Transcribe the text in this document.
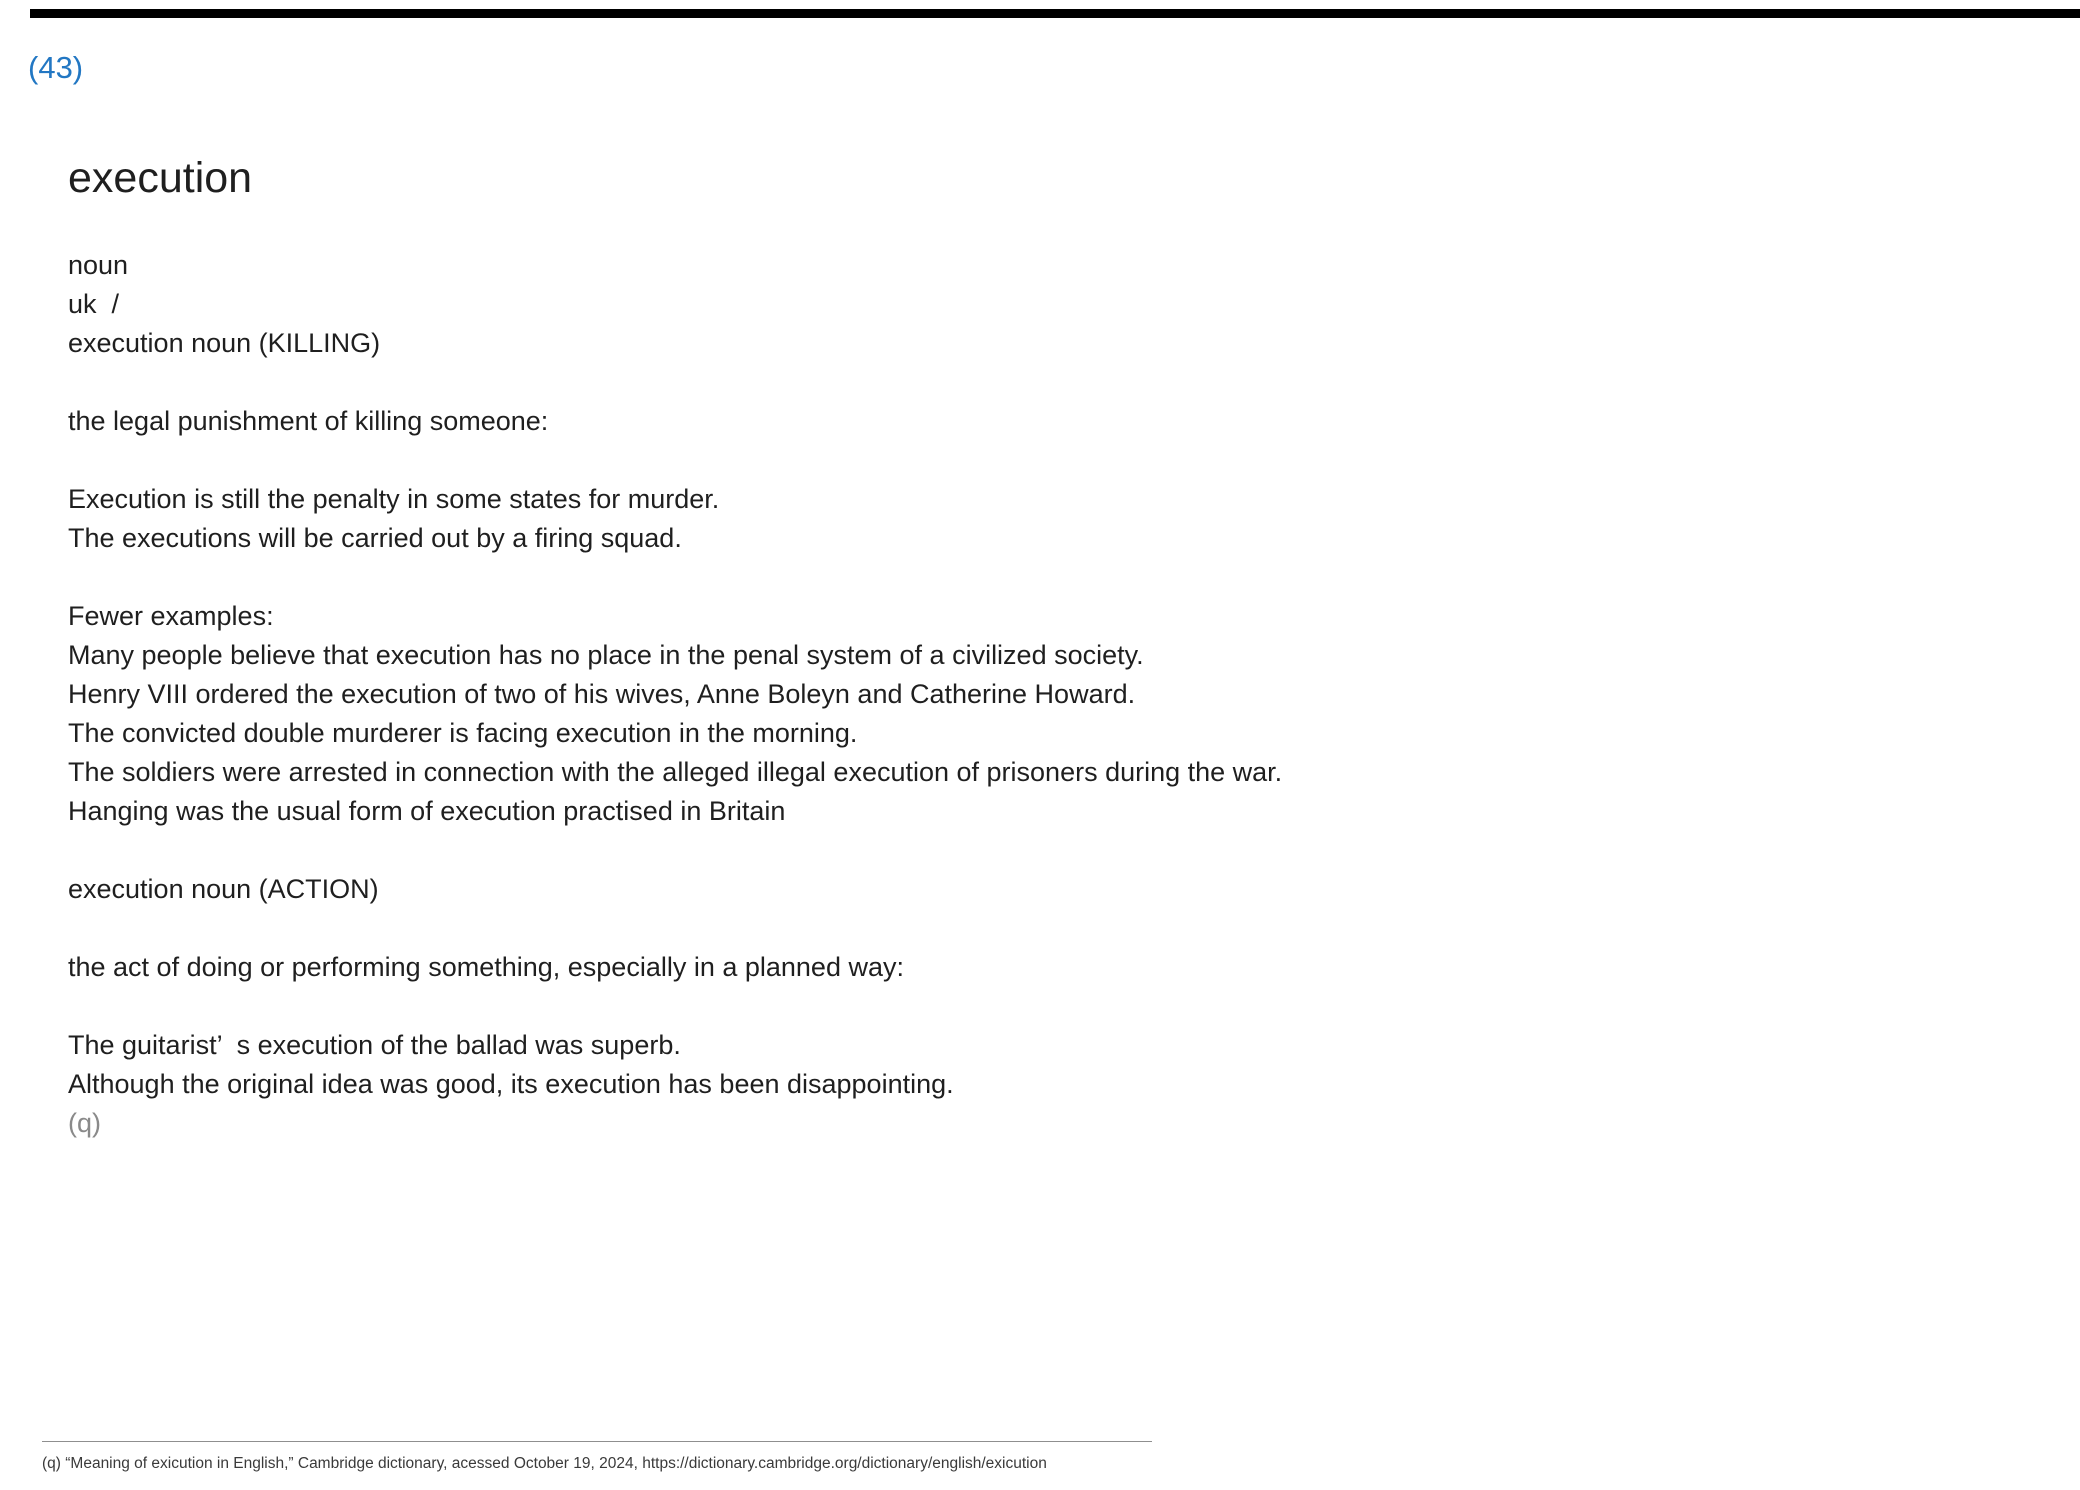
(43)
execution
noun
uk  /
execution noun (KILLING)
the legal punishment of killing someone:
Execution is still the penalty in some states for murder.
The executions will be carried out by a firing squad.
Fewer examples:
Many people believe that execution has no place in the penal system of a civilized society.
Henry VIII ordered the execution of two of his wives, Anne Boleyn and Catherine Howard.
The convicted double murderer is facing execution in the morning.
The soldiers were arrested in connection with the alleged illegal execution of prisoners during the war.
Hanging was the usual form of execution practised in Britain
execution noun (ACTION)
the act of doing or performing something, especially in a planned way:
The guitarist’  s execution of the ballad was superb.
Although the original idea was good, its execution has been disappointing.
(q)
(q) “Meaning of exicution in English,” Cambridge dictionary, acessed October 19, 2024, https://dictionary.cambridge.org/dictionary/english/exicution
